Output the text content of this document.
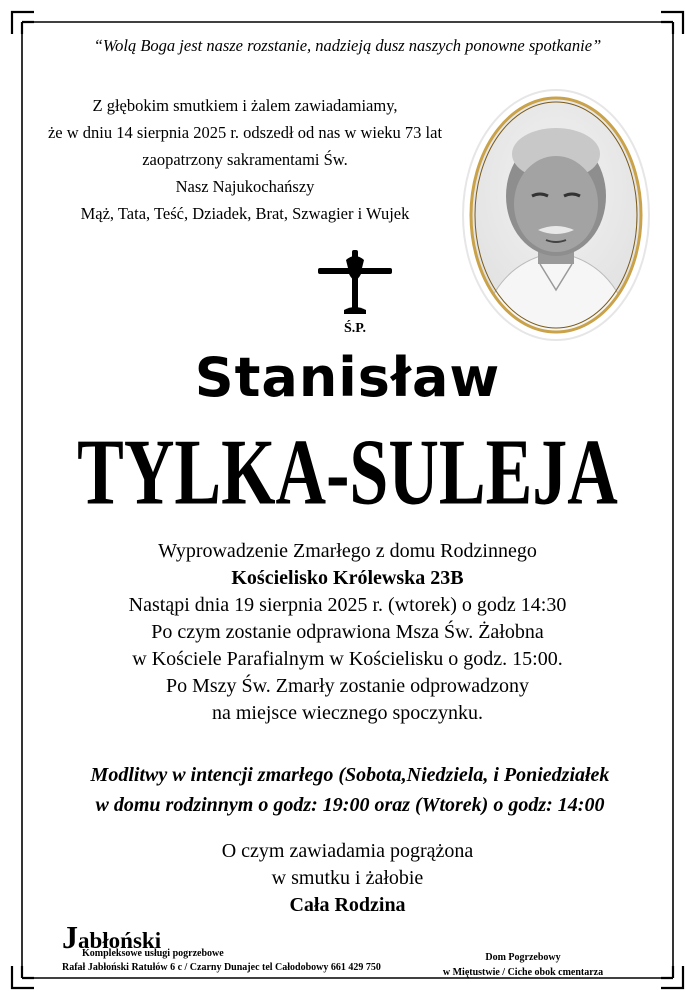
“Wolą Boga jest nasze rozstanie, nadzieją dusz naszych ponowne spotkanie”
Z głębokim smutkiem i żalem zawiadamiamy,
że w dniu 14 sierpnia 2025 r. odszedł od nas w wieku 73 lat
zaopatrzony sakramentami Św.
Nasz Najukochańszy
Mąż, Tata, Teść, Dziadek, Brat, Szwagier i Wujek
Ś.P.
Stanisław
TYLKA-SULEJA
Wyprowadzenie Zmarłego z domu Rodzinnego
Kościelisko Królewska 23B
Nastąpi dnia 19 sierpnia 2025 r. (wtorek) o godz 14:30
Po czym zostanie odprawiona Msza Św. Żałobna
w Kościele Parafialnym w Kościelisku o godz. 15:00.
Po Mszy Św. Zmarły zostanie odprowadzony
na miejsce wiecznego spoczynku.
Modlitwy w intencji zmarłego (Sobota,Niedziela, i Poniedziałek
w domu rodzinnym o godz: 19:00 oraz (Wtorek) o godz: 14:00
O czym zawiadamia pogrążona
w smutku i żałobie
Cała Rodzina
Jabłoński
Kompleksowe usługi pogrzebowe
Rafał Jabłoński Ratułów 6 c / Czarny Dunajec tel Całodobowy 661 429 750
Dom Pogrzebowy
w Miętustwie / Ciche obok cmentarza
